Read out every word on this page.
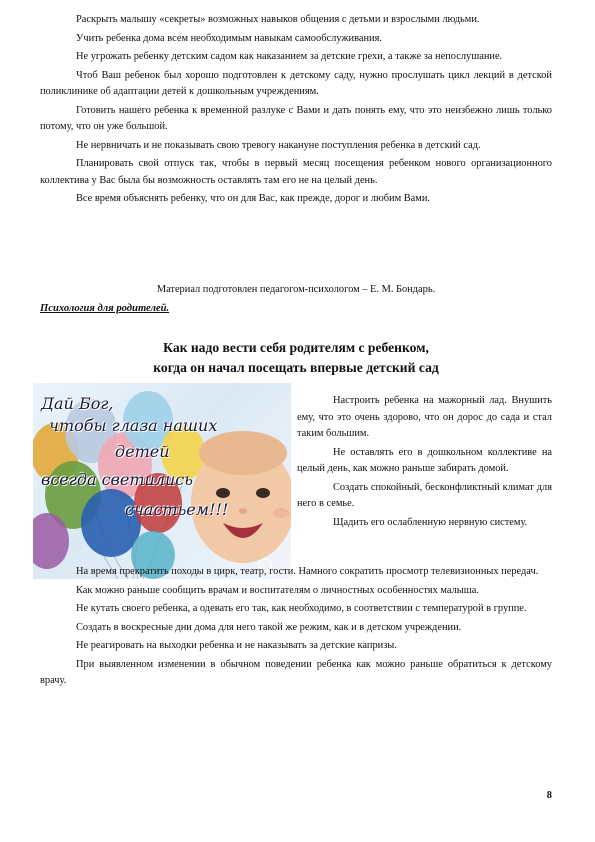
Раскрыть малышу «секреты» возможных навыков общения с детьми и взрослыми людьми.

Учить ребенка дома всем необходимым навыкам самообслуживания.

Не угрожать ребенку детским садом как наказанием за детские грехи, а также за непослушание.

Чтоб Ваш ребенок был хорошо подготовлен к детскому саду, нужно прослушать цикл лекций в детской поликлинике об адаптации детей к дошкольным учреждениям.

Готовить нашего ребенка к временной разлуке с Вами и дать понять ему, что это неизбежно лишь только потому, что он уже большой.

Не нервничать и не показывать свою тревогу накануне поступления ребенка в детский сад.

Планировать свой отпуск так, чтобы в первый месяц посещения ребенком нового организационного коллектива у Вас была бы возможность оставлять там его не на целый день.

Все время объяснять ребенку, что он для Вас, как прежде, дорог и любим Вами.

Материал подготовлен педагогом-психологом – Е. М. Бондарь.
Психология для родителей.
Как надо вести себя родителям с ребенком,
когда он начал посещать впервые детский сад
Дай Бог,
чтобы глаза наших
детей
всегда светились
счастьем!!!

Настроить ребенка на мажорный лад. Внушить ему, что это очень здорово, что он дорос до сада и стал таким большим.

Не оставлять его в дошкольном коллективе на целый день, как можно раньше забирать домой.

Создать спокойный, бесконфликтный климат для него в семье.

Щадить его ослабленную нервную систему.

На время прекратить походы в цирк, театр, гости. Намного сократить просмотр телевизионных передач.

Как можно раньше сообщить врачам и воспитателям о личностных особенностях малыша.

Не кутать своего ребенка, а одевать его так, как необходимо, в соответствии с температурой в группе.

Создать в воскресные дни дома для него такой же режим, как и в детском учреждении.

Не реагировать на выходки ребенка и не наказывать за детские капризы.

При выявленном изменении в обычном поведении ребенка как можно раньше обратиться к детскому врачу.

8
